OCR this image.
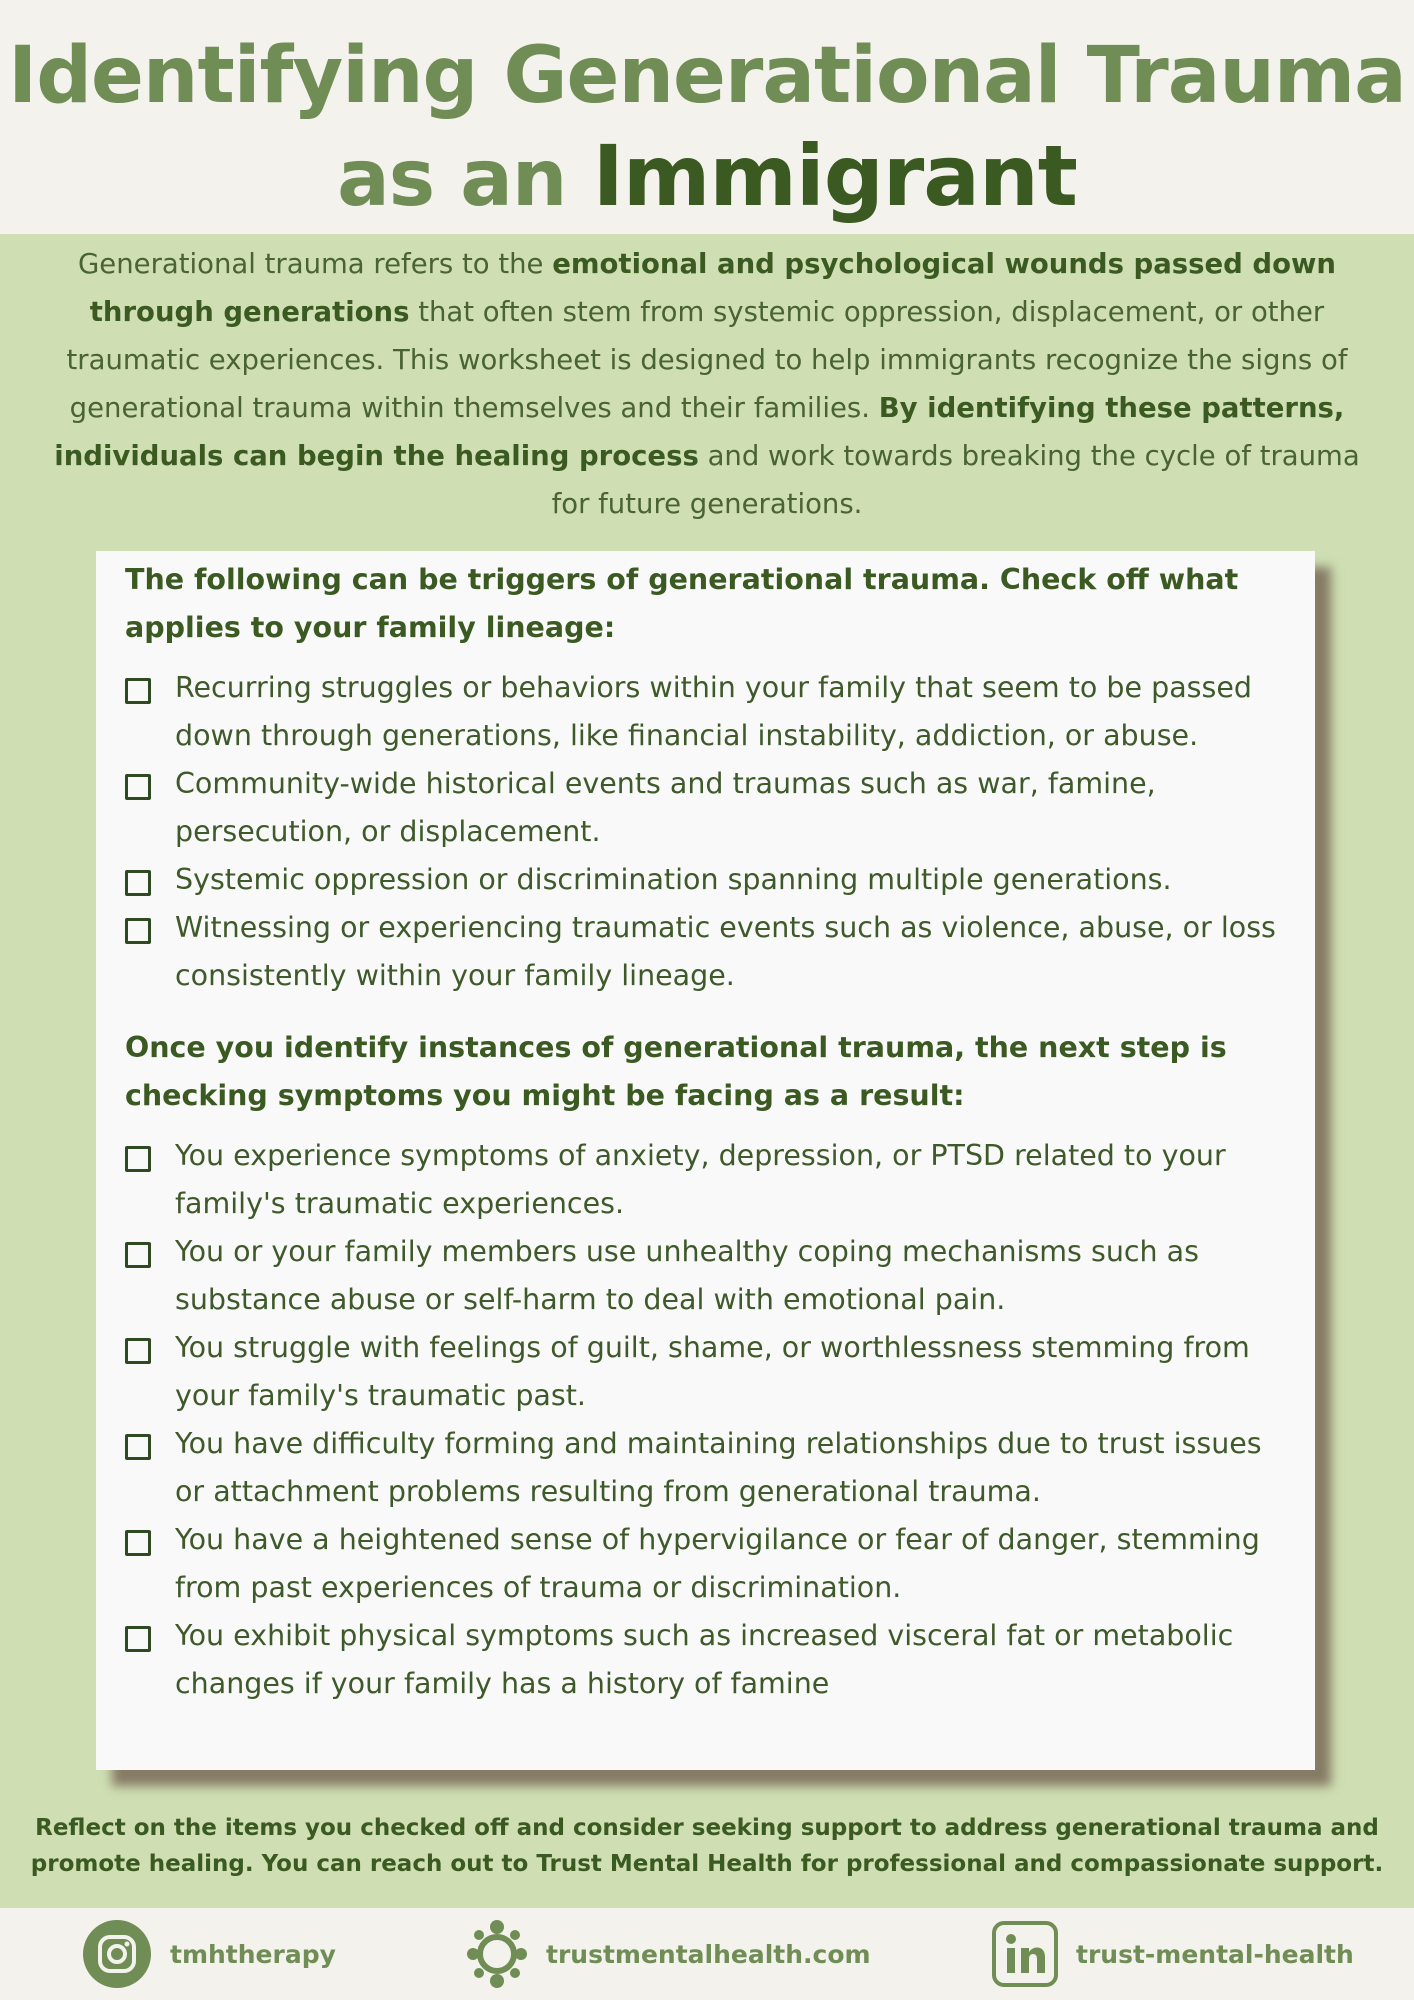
Identifying Generational Trauma
as an Immigrant
Generational trauma refers to the emotional and psychological wounds passed down through generations that often stem from systemic oppression, displacement, or other traumatic experiences. This worksheet is designed to help immigrants recognize the signs of generational trauma within themselves and their families. By identifying these patterns, individuals can begin the healing process and work towards breaking the cycle of trauma for future generations.

The following can be triggers of generational trauma. Check off what applies to your family lineage:

Recurring struggles or behaviors within your family that seem to be passed down through generations, like financial instability, addiction, or abuse.
Community-wide historical events and traumas such as war, famine, persecution, or displacement.
Systemic oppression or discrimination spanning multiple generations.
Witnessing or experiencing traumatic events such as violence, abuse, or loss consistently within your family lineage.

Once you identify instances of generational trauma, the next step is checking symptoms you might be facing as a result:

You experience symptoms of anxiety, depression, or PTSD related to your family's traumatic experiences.
You or your family members use unhealthy coping mechanisms such as substance abuse or self-harm to deal with emotional pain.
You struggle with feelings of guilt, shame, or worthlessness stemming from your family's traumatic past.
You have difficulty forming and maintaining relationships due to trust issues or attachment problems resulting from generational trauma.
You have a heightened sense of hypervigilance or fear of danger, stemming from past experiences of trauma or discrimination.
You exhibit physical symptoms such as increased visceral fat or metabolic changes if your family has a history of famine
Reflect on the items you checked off and consider seeking support to address generational trauma and promote healing. You can reach out to Trust Mental Health for professional and compassionate support.
tmhtherapy	trustmentalhealth.com	trust-mental-health
